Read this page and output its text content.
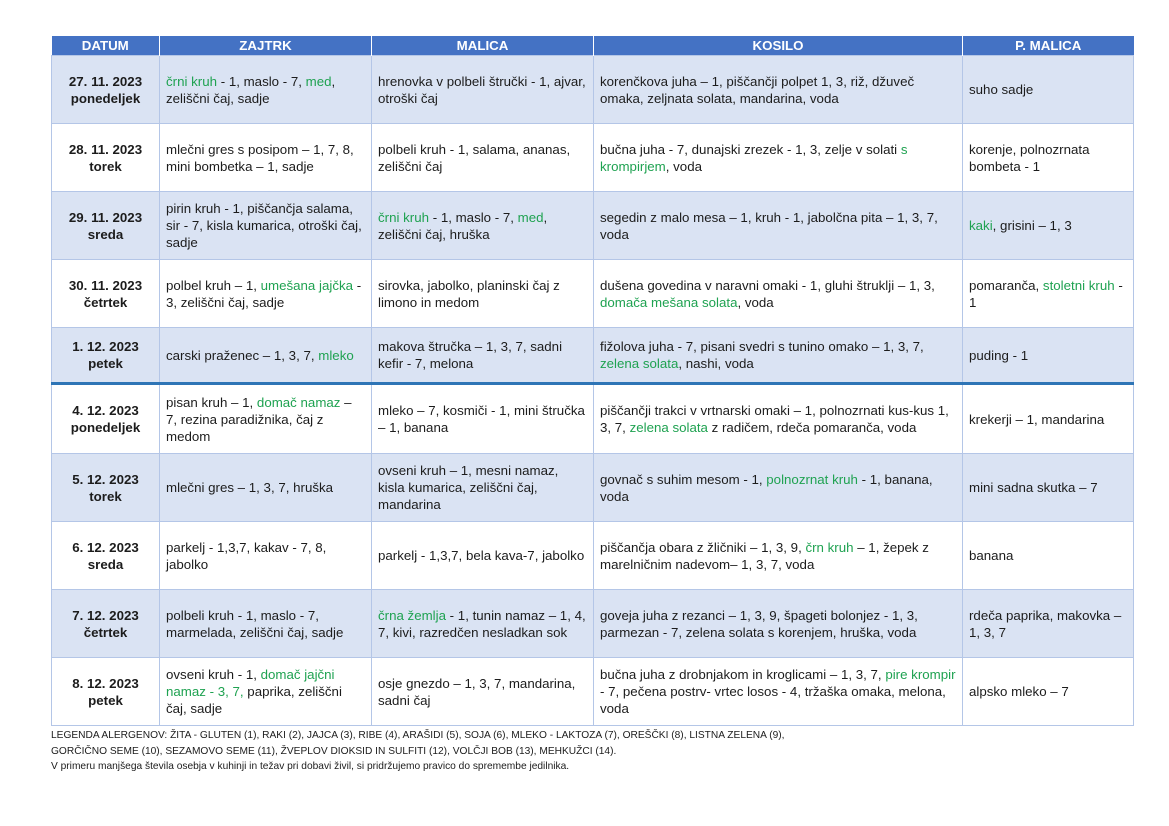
DATUM	ZAJTRK	MALICA	KOSILO	P. MALICA

27. 11. 2023
ponedeljek	črni kruh - 1, maslo - 7, med, zeliščni čaj, sadje	hrenovka v polbeli štručki - 1, ajvar, otroški čaj	korenčkova juha – 1, piščančji polpet 1, 3, riž, džuveč omaka, zeljnata solata, mandarina, voda	suho sadje

28. 11. 2023
torek	mlečni gres s posipom – 1, 7, 8, mini bombetka – 1, sadje	polbeli kruh - 1, salama, ananas, zeliščni čaj	bučna juha - 7, dunajski zrezek - 1, 3, zelje v solati s krompirjem, voda	korenje, polnozrnata bombeta - 1

29. 11. 2023
sreda	pirin kruh - 1, piščančja salama, sir - 7, kisla kumarica, otroški čaj, sadje	črni kruh - 1, maslo - 7, med, zeliščni čaj, hruška	segedin z malo mesa – 1, kruh - 1, jabolčna pita – 1, 3, 7, voda	kaki, grisini – 1, 3

30. 11. 2023
četrtek	polbel kruh – 1, umešana jajčka - 3, zeliščni čaj, sadje	sirovka, jabolko, planinski čaj z limono in medom	dušena govedina v naravni omaki - 1, gluhi štruklji – 1, 3, domača mešana solata, voda	pomaranča, stoletni kruh - 1

1. 12. 2023
petek	carski praženec – 1, 3, 7, mleko	makova štručka – 1, 3, 7, sadni kefir - 7, melona	fižolova juha - 7, pisani svedri s tunino omako – 1, 3, 7, zelena solata, nashi, voda	puding - 1

4. 12. 2023
ponedeljek	pisan kruh – 1, domač namaz – 7, rezina paradižnika, čaj z medom	mleko – 7, kosmiči - 1, mini štručka – 1, banana	piščančji trakci v vrtnarski omaki – 1, polnozrnati kus-kus 1, 3, 7, zelena solata z radičem, rdeča pomaranča, voda	krekerji – 1, mandarina

5. 12. 2023
torek	mlečni gres – 1, 3, 7, hruška	ovseni kruh – 1, mesni namaz, kisla kumarica, zeliščni čaj, mandarina	govnač s suhim mesom - 1, polnozrnat kruh - 1, banana, voda	mini sadna skutka – 7

6. 12. 2023
sreda	parkelj - 1,3,7, kakav - 7, 8, jabolko	parkelj - 1,3,7, bela kava-7, jabolko	piščančja obara z žličniki – 1, 3, 9, črn kruh – 1, žepek z marelničnim nadevom– 1, 3, 7, voda	banana

7. 12. 2023
četrtek	polbeli kruh - 1, maslo - 7, marmelada, zeliščni čaj, sadje	črna žemlja - 1, tunin namaz – 1, 4, 7, kivi, razredčen nesladkan sok	goveja juha z rezanci – 1, 3, 9, špageti bolonjez - 1, 3, parmezan - 7, zelena solata s korenjem, hruška, voda	rdeča paprika, makovka – 1, 3, 7

8. 12. 2023
petek	ovseni kruh - 1, domač jajčni namaz - 3, 7, paprika, zeliščni čaj, sadje	osje gnezdo – 1, 3, 7, mandarina, sadni čaj	bučna juha z drobnjakom in kroglicami – 1, 3, 7, pire krompir - 7, pečena postrv- vrtec losos - 4, tržaška omaka, melona, voda	alpsko mleko – 7
LEGENDA ALERGENOV: ŽITA - GLUTEN (1), RAKI (2), JAJCA (3), RIBE (4), ARAŠIDI (5), SOJA (6), MLEKO - LAKTOZA (7), OREŠČKI (8), LISTNA ZELENA (9),
GORČIČNO SEME (10), SEZAMOVO SEME (11), ŽVEPLOV DIOKSID IN SULFITI (12), VOLČJI BOB (13), MEHKUŽCI (14).
V primeru manjšega števila osebja v kuhinji in težav pri dobavi živil, si pridržujemo pravico do spremembe jedilnika.
